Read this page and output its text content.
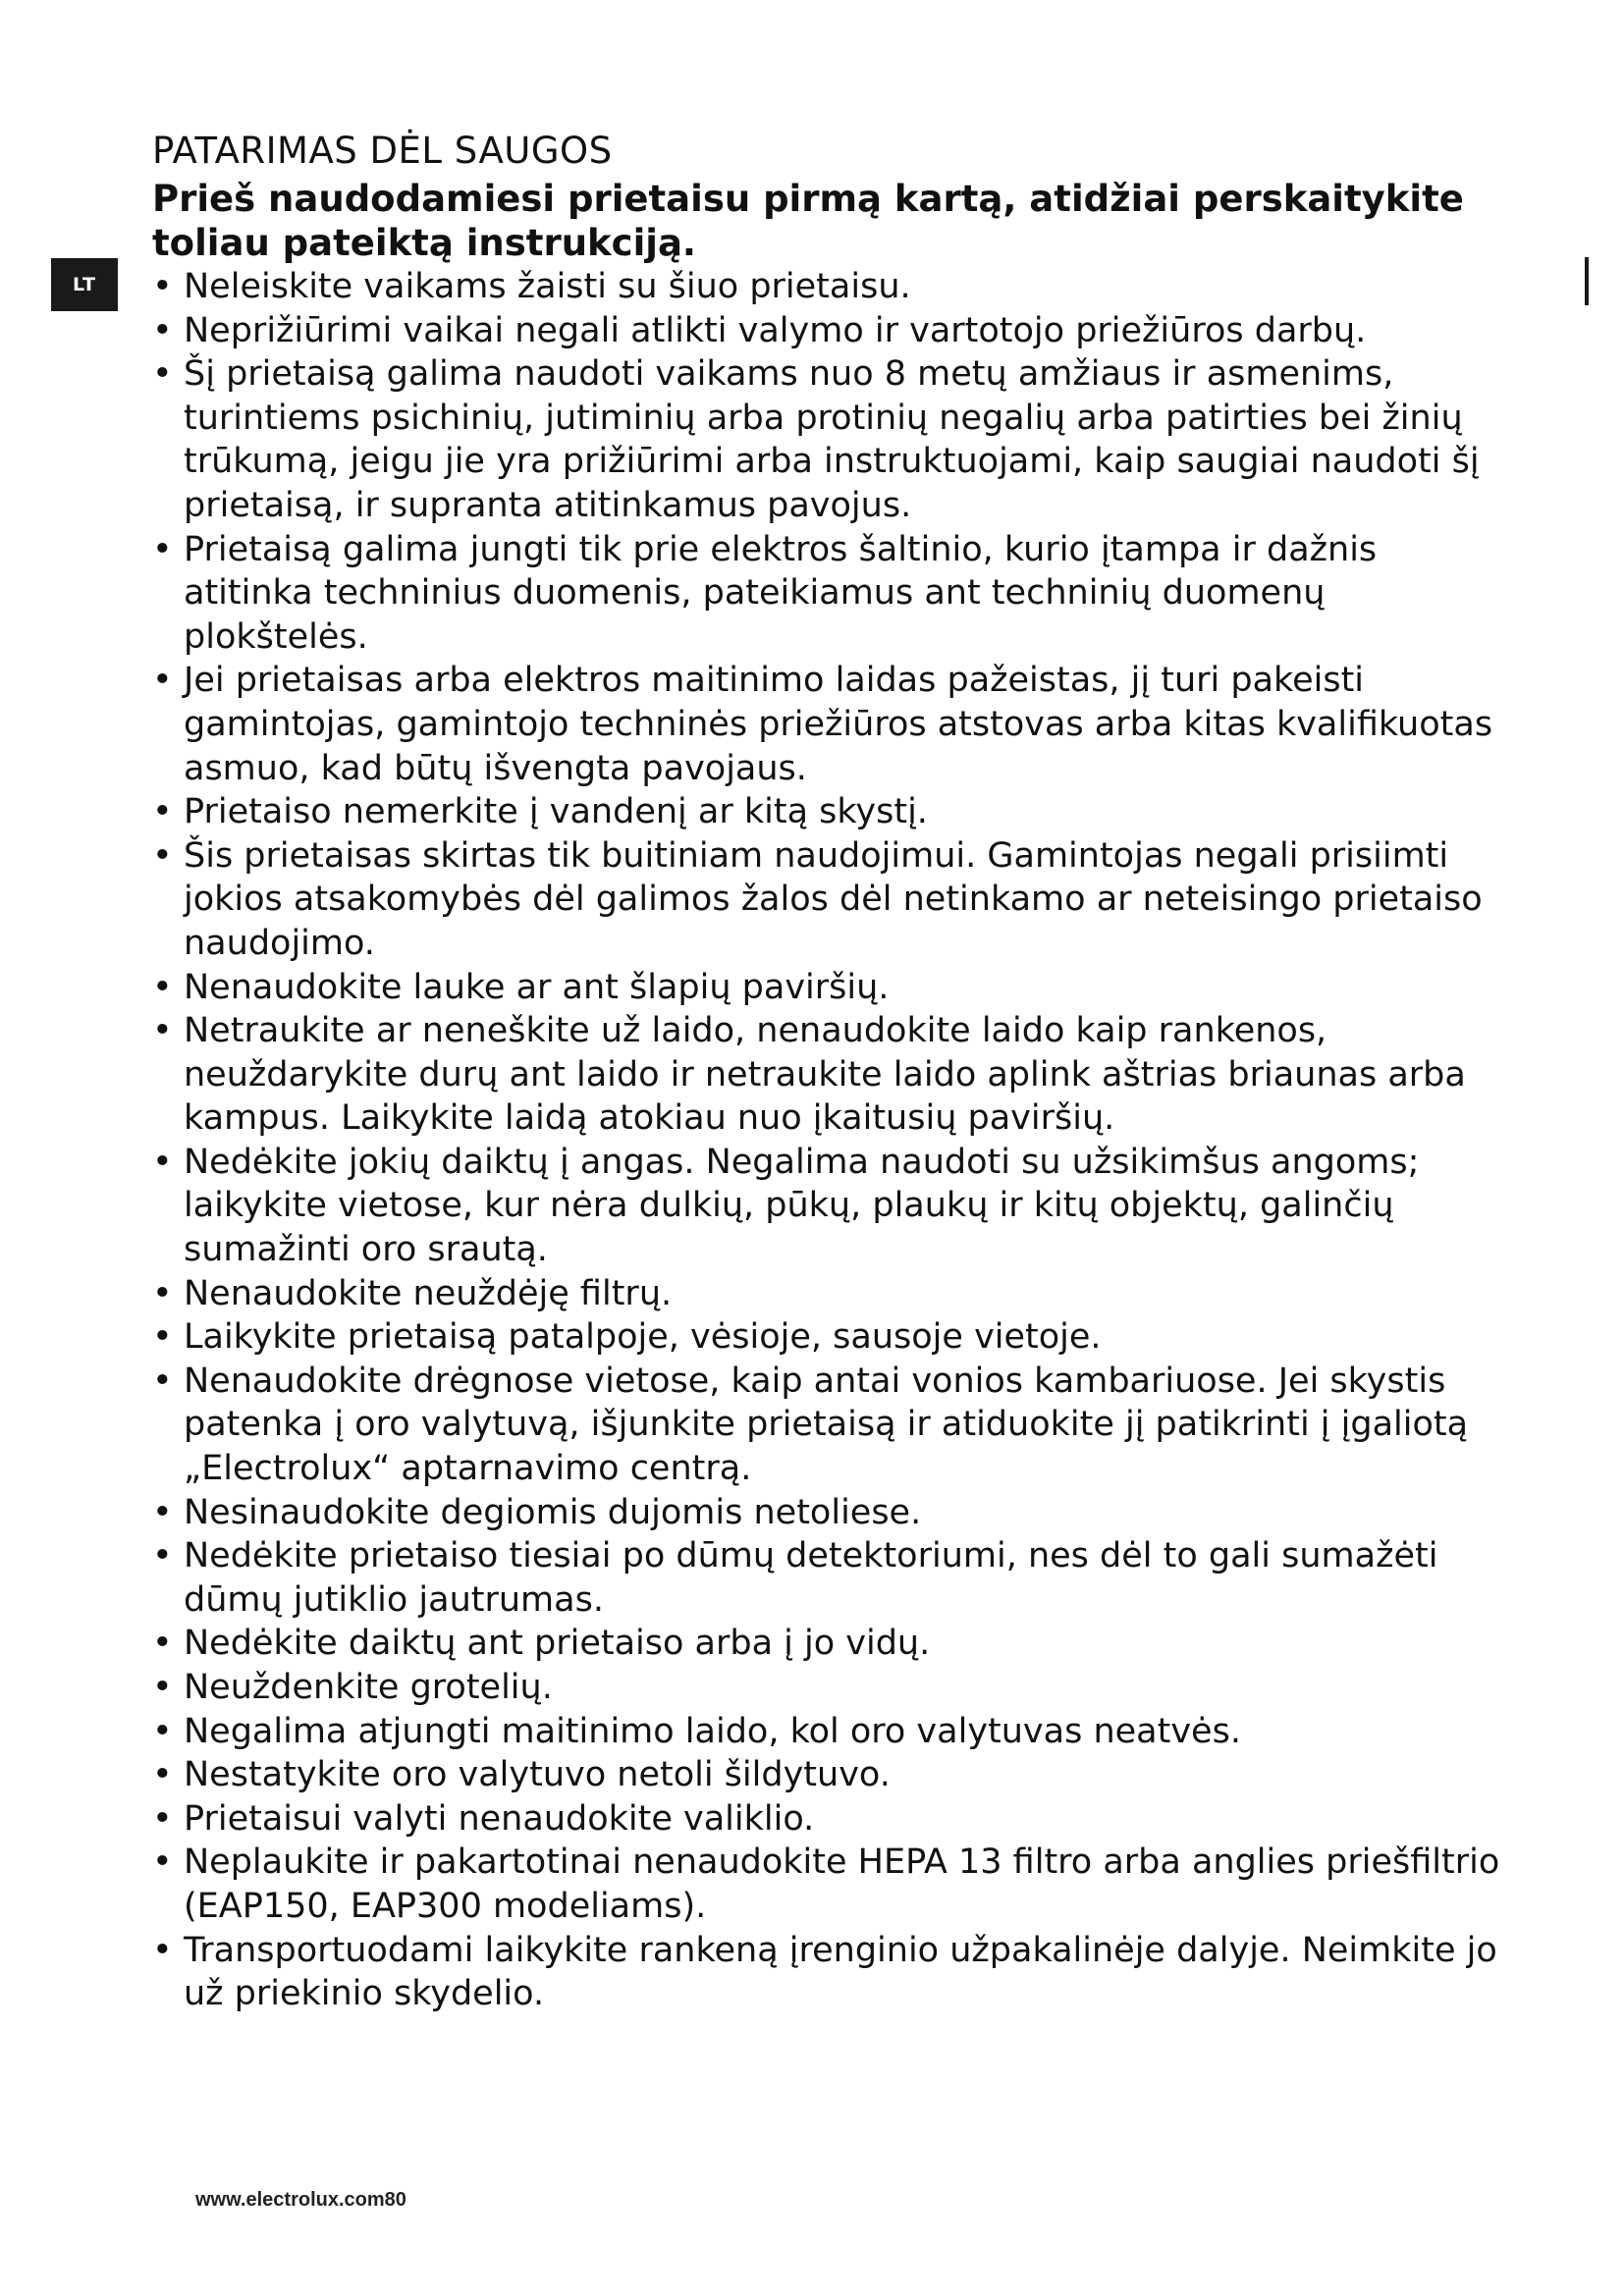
LT
PATARIMAS DĖL SAUGOS

Prieš naudodamiesi prietaisu pirmą kartą, atidžiai perskaitykite toliau pateiktą instrukciją.

• Neleiskite vaikams žaisti su šiuo prietaisu.
• Neprižiūrimi vaikai negali atlikti valymo ir vartotojo priežiūros darbų.
• Šį prietaisą galima naudoti vaikams nuo 8 metų amžiaus ir asmenims, turintiems psichinių, jutiminių arba protinių negalių arba patirties bei žinių trūkumą, jeigu jie yra prižiūrimi arba instruktuojami, kaip saugiai naudoti šį prietaisą, ir supranta atitinkamus pavojus.
• Prietaisą galima jungti tik prie elektros šaltinio, kurio įtampa ir dažnis atitinka techninius duomenis, pateikiamus ant techninių duomenų plokštelės.
• Jei prietaisas arba elektros maitinimo laidas pažeistas, jį turi pakeisti gamintojas, gamintojo techninės priežiūros atstovas arba kitas kvalifikuotas asmuo, kad būtų išvengta pavojaus.
• Prietaiso nemerkite į vandenį ar kitą skystį.
• Šis prietaisas skirtas tik buitiniam naudojimui. Gamintojas negali prisiimti jokios atsakomybės dėl galimos žalos dėl netinkamo ar neteisingo prietaiso naudojimo.
• Nenaudokite lauke ar ant šlapių paviršių.
• Netraukite ar neneškite už laido, nenaudokite laido kaip rankenos, neuždarykite durų ant laido ir netraukite laido aplink aštrias briaunas arba kampus. Laikykite laidą atokiau nuo įkaitusių paviršių.
• Nedėkite jokių daiktų į angas. Negalima naudoti su užsikimšus angoms; laikykite vietose, kur nėra dulkių, pūkų, plaukų ir kitų objektų, galinčių sumažinti oro srautą.
• Nenaudokite neuždėję filtrų.
• Laikykite prietaisą patalpoje, vėsioje, sausoje vietoje.
• Nenaudokite drėgnose vietose, kaip antai vonios kambariuose. Jei skystis patenka į oro valytuvą, išjunkite prietaisą ir atiduokite jį patikrinti į įgaliotą „Electrolux“ aptarnavimo centrą.
• Nesinaudokite degiomis dujomis netoliese.
• Nedėkite prietaiso tiesiai po dūmų detektoriumi, nes dėl to gali sumažėti dūmų jutiklio jautrumas.
• Nedėkite daiktų ant prietaiso arba į jo vidų.
• Neuždenkite grotelių.
• Negalima atjungti maitinimo laido, kol oro valytuvas neatvės.
• Nestatykite oro valytuvo netoli šildytuvo.
• Prietaisui valyti nenaudokite valiklio.
• Neplaukite ir pakartotinai nenaudokite HEPA 13 filtro arba anglies priešfiltrio (EAP150, EAP300 modeliams).
• Transportuodami laikykite rankeną įrenginio užpakalinėje dalyje. Neimkite jo už priekinio skydelio.
www.electrolux.com80
